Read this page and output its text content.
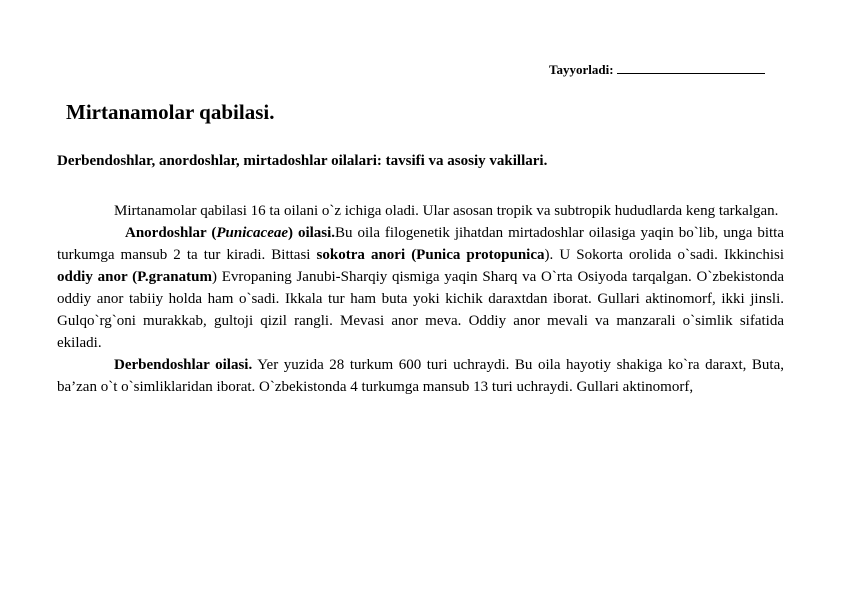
Tayyorladi:
Mirtanamolar qabilasi.
Derbendoshlar, anordoshlar, mirtadoshlar oilalari: tavsifi va asosiy vakillari.

Mirtanamolar qabilasi 16 ta oilani o`z ichiga oladi. Ular asosan tropik va subtropik hududlarda keng tarkalgan.

Anordoshlar (Punicaceae) oilasi.Bu oila filogenetik jihatdan mirtadoshlar oilasiga yaqin bo`lib, unga bitta turkumga mansub 2 ta tur kiradi. Bittasi sokotra anori (Punica protopunica). U Sokorta orolida o`sadi. Ikkinchisi oddiy anor (P.granatum) Evropaning Janubi-Sharqiy qismiga yaqin Sharq va O`rta Osiyoda tarqalgan. O`zbekistonda oddiy anor tabiiy holda ham o`sadi. Ikkala tur ham buta yoki kichik daraxtdan iborat. Gullari aktinomorf, ikki jinsli. Gulqo`rg`oni murakkab, gultoji qizil rangli. Mevasi anor meva. Oddiy anor mevali va manzarali o`simlik sifatida ekiladi.

Derbendoshlar oilasi. Yer yuzida 28 turkum 600 turi uchraydi. Bu oila hayotiy shakiga ko`ra daraxt, Buta, ba’zan o`t o`simliklaridan iborat. O`zbekistonda 4 turkumga mansub 13 turi uchraydi. Gullari aktinomorf,
